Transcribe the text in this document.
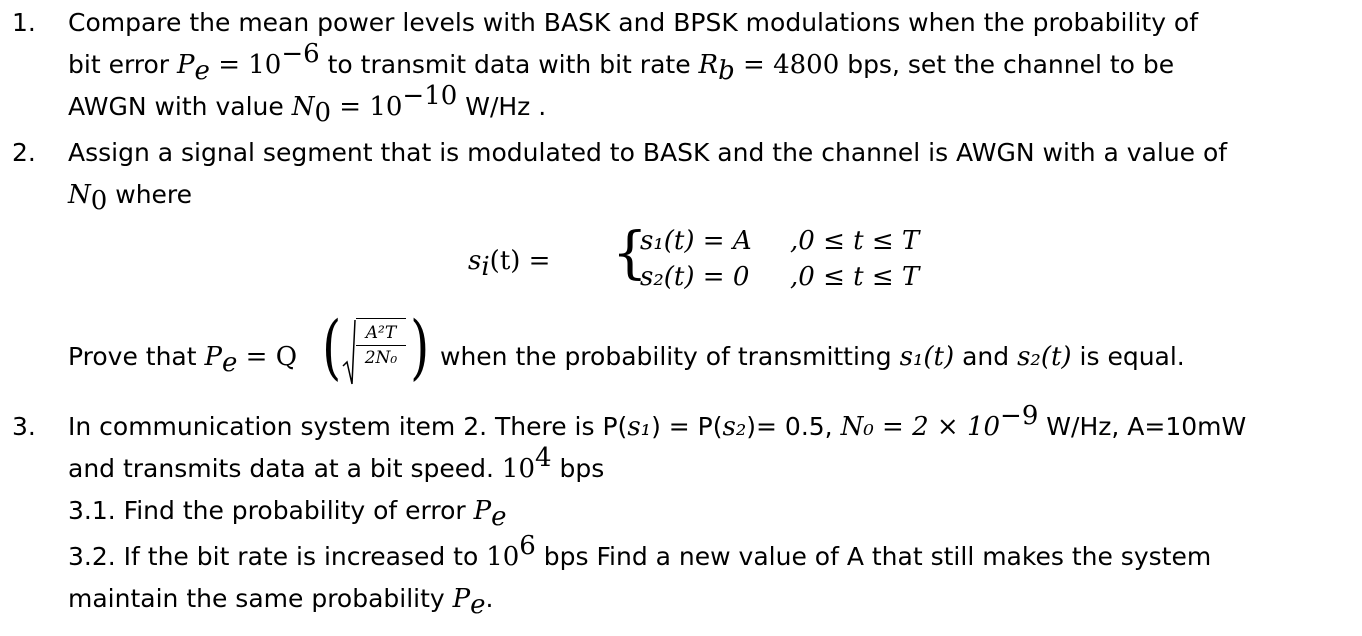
1. Compare the mean power levels with BASK and BPSK modulations when the probability of
bit error $P_e = 10^{-6}$ to transmit data with bit rate $R_b = 4800$ bps, set the channel to be
AWGN with value $N_0 = 10^{-10}$ W/Hz .
2. Assign a signal segment that is modulated to BASK and the channel is AWGN with a value of
$N_0$ where
$s_i(t)$ = {
s₁(t) = A ,0 ≤ t ≤ T
s₂(t) = 0 ,0 ≤ t ≤ T
Prove that $P_e = Q$ (	A²T
2N₀ ) when the probability of transmitting s₁(t) and s₂(t) is equal.
3. In communication system item 2. There is P(s₁) = P(s₂)= 0.5, $N_0 = 2 \times 10^{-9}$ W/Hz, A=10mW
and transmits data at a bit speed. $10^4$ bps
3.1. Find the probability of error $P_e$
3.2. If the bit rate is increased to $10^6$ bps Find a new value of A that still makes the system
maintain the same probability $P_e$.
